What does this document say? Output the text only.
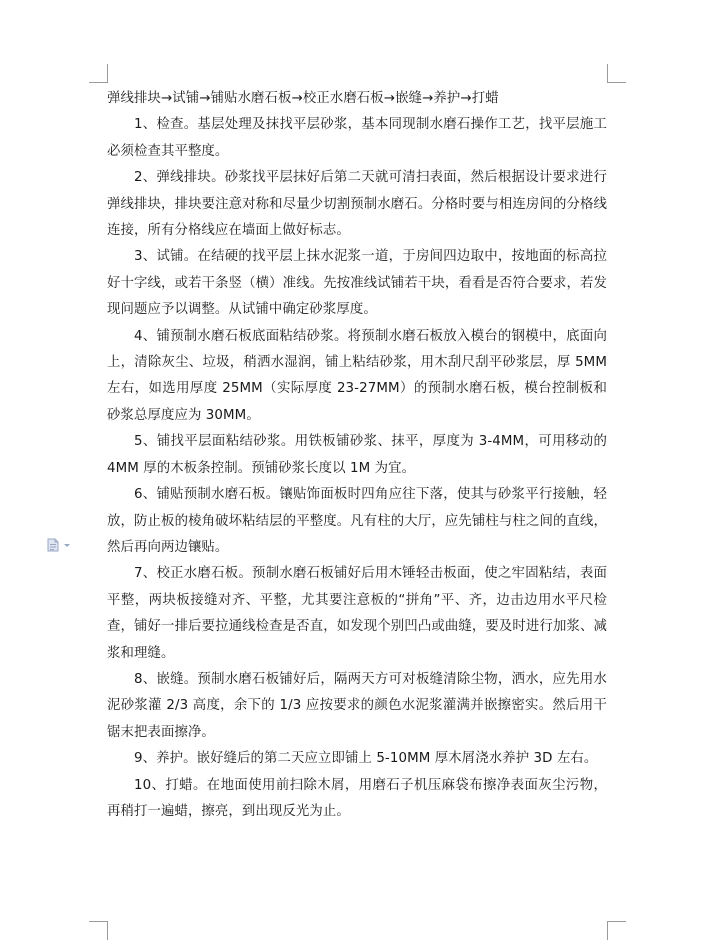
弹线排块→试铺→铺贴水磨石板→校正水磨石板→嵌缝→养护→打蜡

1、检查。基层处理及抹找平层砂浆，基本同现制水磨石操作工艺，找平层施工必须检查其平整度。

2、弹线排块。砂浆找平层抹好后第二天就可清扫表面，然后根据设计要求进行弹线排块，排块要注意对称和尽量少切割预制水磨石。分格时要与相连房间的分格线连接，所有分格线应在墙面上做好标志。

3、试铺。在结硬的找平层上抹水泥浆一道，于房间四边取中，按地面的标高拉好十字线，或若干条竖（横）准线。先按准线试铺若干块，看看是否符合要求，若发现问题应予以调整。从试铺中确定砂浆厚度。

4、铺预制水磨石板底面粘结砂浆。将预制水磨石板放入模台的钢模中，底面向上，清除灰尘、垃圾，稍洒水湿润，铺上粘结砂浆，用木刮尺刮平砂浆层，厚 5MM 左右，如选用厚度 25MM（实际厚度 23-27MM）的预制水磨石板，模台控制板和砂浆总厚度应为 30MM。

5、铺找平层面粘结砂浆。用铁板铺砂浆、抹平，厚度为 3-4MM，可用移动的 4MM 厚的木板条控制。预铺砂浆长度以 1M 为宜。

6、铺贴预制水磨石板。镶贴饰面板时四角应往下落，使其与砂浆平行接触，轻放，防止板的棱角破坏粘结层的平整度。凡有柱的大厅，应先铺柱与柱之间的直线，然后再向两边镶贴。

7、校正水磨石板。预制水磨石板铺好后用木锤轻击板面，使之牢固粘结，表面平整，两块板接缝对齐、平整，尤其要注意板的“拼角”平、齐，边击边用水平尺检查，铺好一排后要拉通线检查是否直，如发现个别凹凸或曲缝，要及时进行加浆、减浆和理缝。

8、嵌缝。预制水磨石板铺好后，隔两天方可对板缝清除尘物，洒水，应先用水泥砂浆灌 2/3 高度，余下的 1/3 应按要求的颜色水泥浆灌满并嵌擦密实。然后用干锯末把表面擦净。

9、养护。嵌好缝后的第二天应立即铺上 5-10MM 厚木屑浇水养护 3D 左右。

10、打蜡。在地面使用前扫除木屑，用磨石子机压麻袋布擦净表面灰尘污物，再稍打一遍蜡，擦亮，到出现反光为止。
